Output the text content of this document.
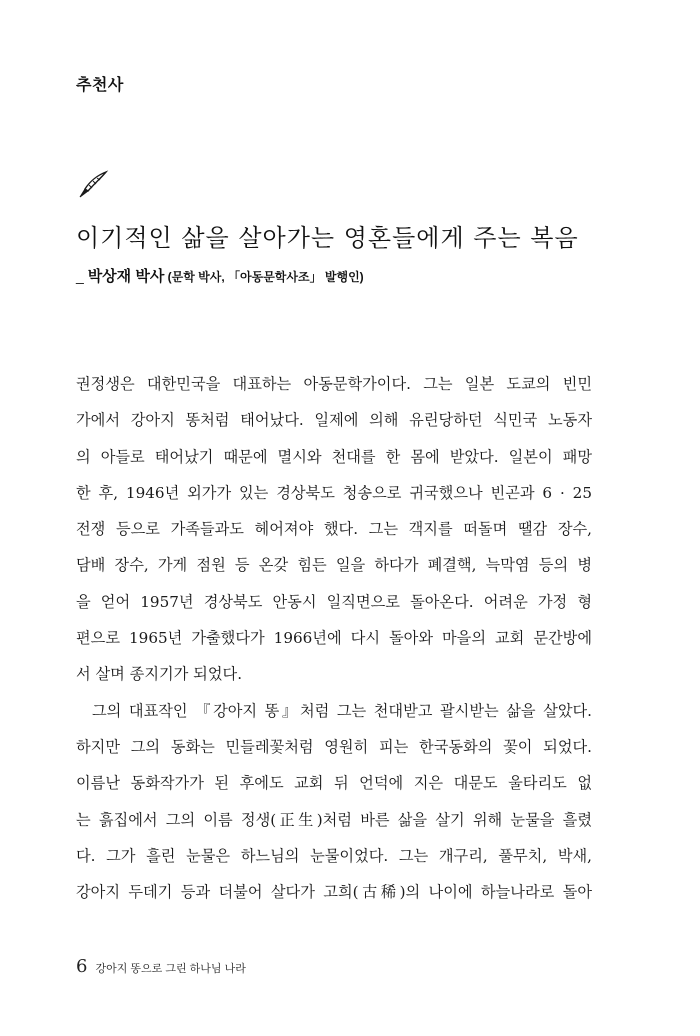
추천사
이기적인 삶을 살아가는 영혼들에게 주는 복음
_ 박상재 박사 (문학 박사, 「아동문학사조」 발행인)
권정생은 대한민국을 대표하는 아동문학가이다. 그는 일본 도쿄의 빈민
가에서 강아지 똥처럼 태어났다. 일제에 의해 유린당하던 식민국 노동자
의 아들로 태어났기 때문에 멸시와 천대를 한 몸에 받았다. 일본이 패망
한 후, 1946년 외가가 있는 경상북도 청송으로 귀국했으나 빈곤과 6 · 25
전쟁 등으로 가족들과도 헤어져야 했다. 그는 객지를 떠돌며 땔감 장수,
담배 장수, 가게 점원 등 온갖 힘든 일을 하다가 폐결핵, 늑막염 등의 병
을 얻어 1957년 경상북도 안동시 일직면으로 돌아온다. 어려운 가정 형
편으로 1965년 가출했다가 1966년에 다시 돌아와 마을의 교회 문간방에
서 살며 종지기가 되었다.
그의 대표작인 『강아지 똥』처럼 그는 천대받고 괄시받는 삶을 살았다.
하지만 그의 동화는 민들레꽃처럼 영원히 피는 한국동화의 꽃이 되었다.
이름난 동화작가가 된 후에도 교회 뒤 언덕에 지은 대문도 울타리도 없
는 흙집에서 그의 이름 정생(正生)처럼 바른 삶을 살기 위해 눈물을 흘렸
다. 그가 흘린 눈물은 하느님의 눈물이었다. 그는 개구리, 풀무치, 박새,
강아지 두데기 등과 더불어 살다가 고희(古稀)의 나이에 하늘나라로 돌아
6 강아지 똥으로 그린 하나님 나라
